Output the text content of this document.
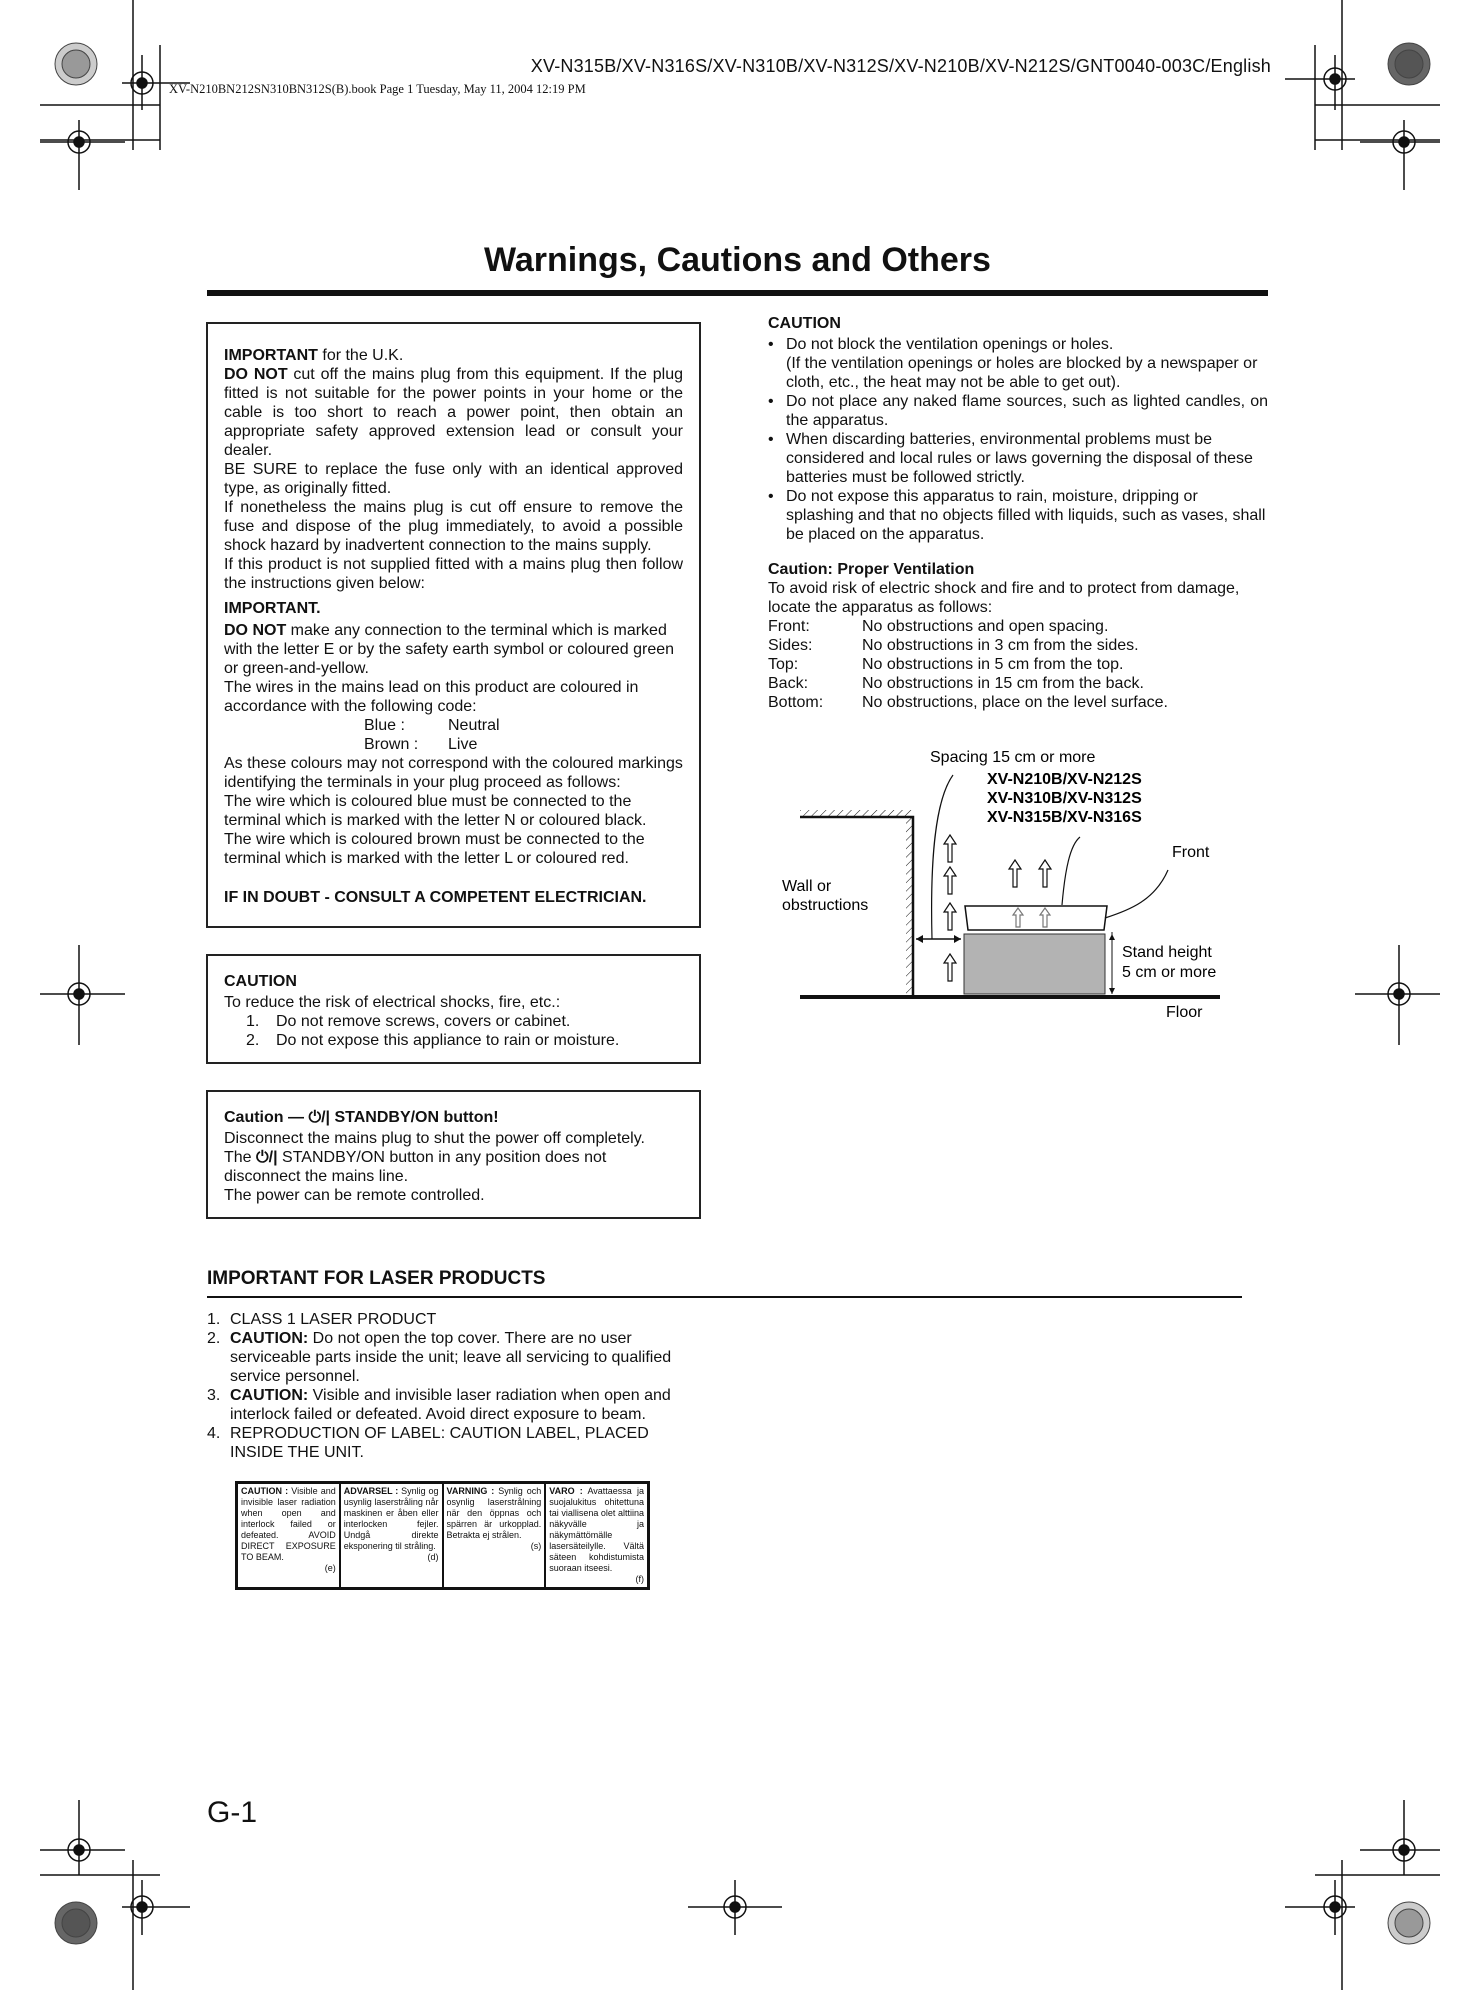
XV-N315B/XV-N316S/XV-N310B/XV-N312S/XV-N210B/XV-N212S/GNT0040-003C/English
XV-N210BN212SN310BN312S(B).book Page 1 Tuesday, May 11, 2004 12:19 PM
Warnings, Cautions and Others
IMPORTANT for the U.K.
DO NOT cut off the mains plug from this equipment. If the plug fitted is not suitable for the power points in your home or the cable is too short to reach a power point, then obtain an appropriate safety approved extension lead or consult your dealer.
BE SURE to replace the fuse only with an identical approved type, as originally fitted.
If nonetheless the mains plug is cut off ensure to remove the fuse and dispose of the plug immediately, to avoid a possible shock hazard by inadvertent connection to the mains supply.
If this product is not supplied fitted with a mains plug then follow the instructions given below:
IMPORTANT.
DO NOT make any connection to the terminal which is marked with the letter E or by the safety earth symbol or coloured green or green-and-yellow.
The wires in the mains lead on this product are coloured in accordance with the following code:
Blue :	Neutral
Brown :	Live
As these colours may not correspond with the coloured markings identifying the terminals in your plug proceed as follows:
The wire which is coloured blue must be connected to the terminal which is marked with the letter N or coloured black.
The wire which is coloured brown must be connected to the terminal which is marked with the letter L or coloured red.
IF IN DOUBT - CONSULT A COMPETENT ELECTRICIAN.
CAUTION
To reduce the risk of electrical shocks, fire, etc.:
1.	Do not remove screws, covers or cabinet.
2.	Do not expose this appliance to rain or moisture.
Caution — ⏻/| STANDBY/ON button!
Disconnect the mains plug to shut the power off completely.
The ⏻/| STANDBY/ON button in any position does not disconnect the mains line.
The power can be remote controlled.
CAUTION
• Do not block the ventilation openings or holes.
(If the ventilation openings or holes are blocked by a newspaper or cloth, etc., the heat may not be able to get out).
• Do not place any naked flame sources, such as lighted candles, on the apparatus.
• When discarding batteries, environmental problems must be considered and local rules or laws governing the disposal of these batteries must be followed strictly.
• Do not expose this apparatus to rain, moisture, dripping or splashing and that no objects filled with liquids, such as vases, shall be placed on the apparatus.
Caution: Proper Ventilation
To avoid risk of electric shock and fire and to protect from damage, locate the apparatus as follows:
Front:	No obstructions and open spacing.
Sides:	No obstructions in 3 cm from the sides.
Top:	No obstructions in 5 cm from the top.
Back:	No obstructions in 15 cm from the back.
Bottom:	No obstructions, place on the level surface.
Spacing 15 cm or more
XV-N210B/XV-N212S
XV-N310B/XV-N312S
XV-N315B/XV-N316S
Front
Wall or
obstructions
Stand height
5 cm or more
Floor
IMPORTANT FOR LASER PRODUCTS
1. CLASS 1 LASER PRODUCT
2. CAUTION: Do not open the top cover. There are no user serviceable parts inside the unit; leave all servicing to qualified service personnel.
3. CAUTION: Visible and invisible laser radiation when open and interlock failed or defeated. Avoid direct exposure to beam.
4. REPRODUCTION OF LABEL: CAUTION LABEL, PLACED INSIDE THE UNIT.
CAUTION : Visible and invisible laser radiation when open and interlock failed or defeated. AVOID DIRECT EXPOSURE TO BEAM.
(e)
ADVARSEL : Synlig og usynlig laserstråling når maskinen er åben eller interlocken fejler. Undgå direkte eksponering til stråling.
(d)
VARNING : Synlig och osynlig laserstrålning när den öppnas och spärren är urkopplad. Betrakta ej strålen.
(s)
VARO : Avattaessa ja suojalukitus ohitettuna tai viallisena olet alttiina näkyvälle ja näkymättömälle lasersäteilylle. Vältä säteen kohdistumista suoraan itseesi.
(f)
G-1
